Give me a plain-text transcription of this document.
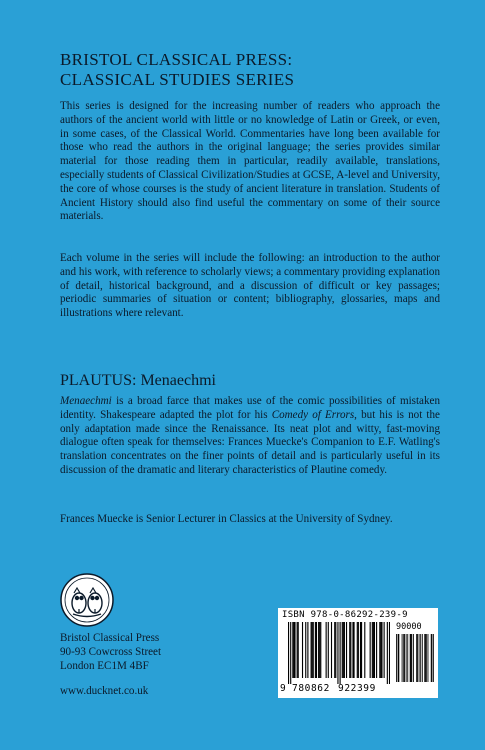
BRISTOL CLASSICAL PRESS:
CLASSICAL STUDIES SERIES

This series is designed for the increasing number of readers who approach the authors of the ancient world with little or no knowledge of Latin or Greek, or even, in some cases, of the Classical World. Commentaries have long been available for those who read the authors in the original language; the series provides similar material for those reading them in particular, readily available, translations, especially students of Classical Civilization/Studies at GCSE, A-level and University, the core of whose courses is the study of ancient literature in translation. Students of Ancient History should also find useful the commentary on some of their source materials.

Each volume in the series will include the following: an introduction to the author and his work, with reference to scholarly views; a commentary providing explanation of detail, historical background, and a discussion of difficult or key passages; periodic summaries of situation or content; bibliography, glossaries, maps and illustrations where relevant.

PLAUTUS: Menaechmi

Menaechmi is a broad farce that makes use of the comic possibilities of mistaken identity. Shakespeare adapted the plot for his Comedy of Errors, but his is not the only adaptation made since the Renaissance. Its neat plot and witty, fast-moving dialogue often speak for themselves: Frances Muecke's Companion to E.F. Watling's translation concentrates on the finer points of detail and is particularly useful in its discussion of the dramatic and literary characteristics of Plautine comedy.

Frances Muecke is Senior Lecturer in Classics at the University of Sydney.

Bristol Classical Press
90-93 Cowcross Street
London EC1M 4BF
www.ducknet.co.uk
ISBN 978-0-86292-239-9
90000
9 780862 922399
